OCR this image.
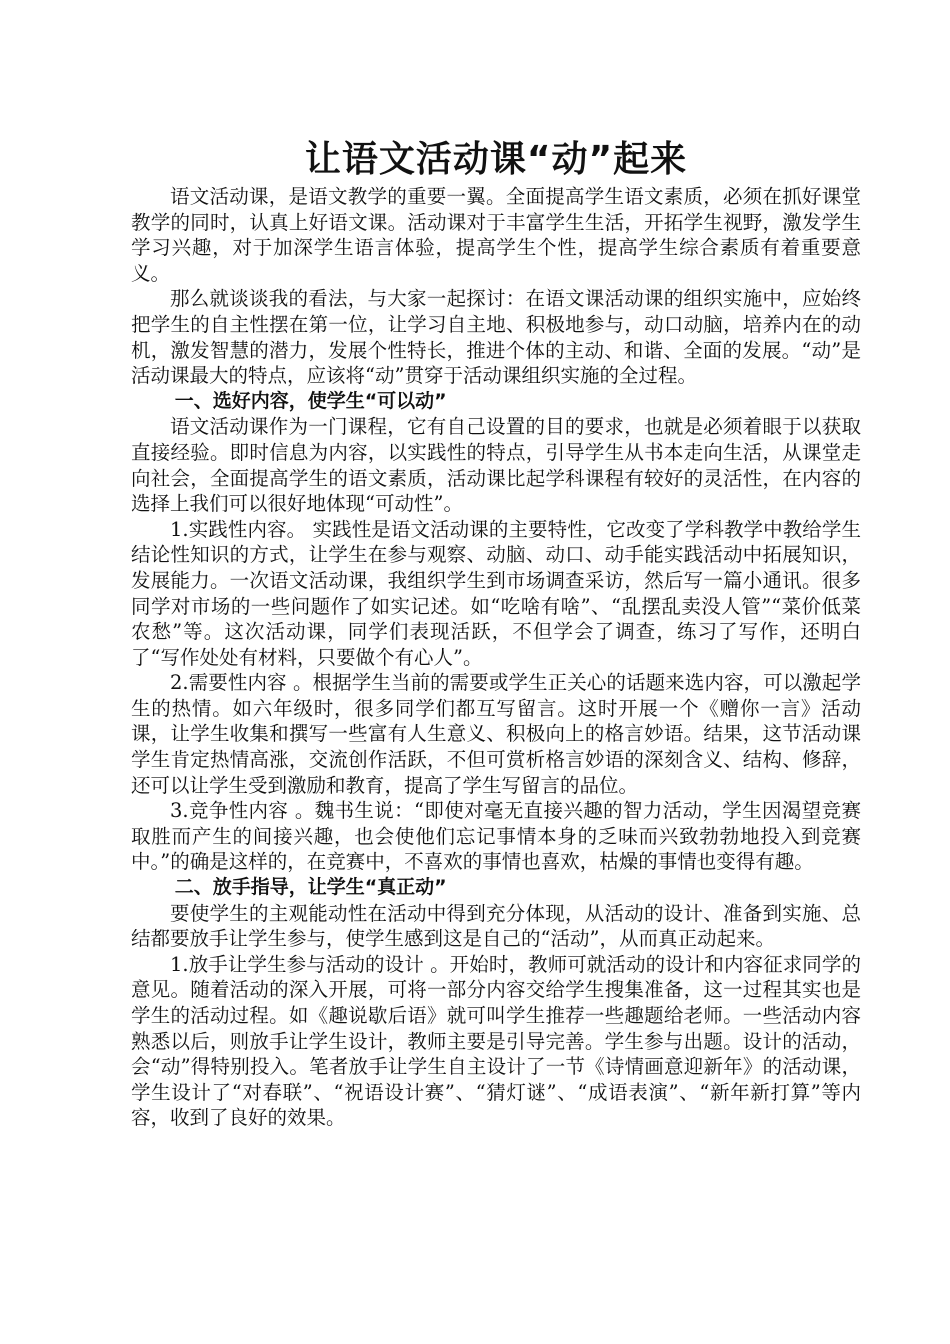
让语文活动课“动”起来

语文活动课，是语文教学的重要一翼。全面提高学生语文素质，必须在抓好课堂教学的同时，认真上好语文课。活动课对于丰富学生生活，开拓学生视野，激发学生学习兴趣，对于加深学生语言体验，提高学生个性，提高学生综合素质有着重要意义。

那么就谈谈我的看法，与大家一起探讨：在语文课活动课的组织实施中，应始终把学生的自主性摆在第一位，让学习自主地、积极地参与，动口动脑，培养内在的动机，激发智慧的潜力，发展个性特长，推进个体的主动、和谐、全面的发展。“动”是活动课最大的特点，应该将“动”贯穿于活动课组织实施的全过程。

一、选好内容，使学生“可以动”

语文活动课作为一门课程，它有自己设置的目的要求，也就是必须着眼于以获取直接经验。即时信息为内容，以实践性的特点，引导学生从书本走向生活，从课堂走向社会，全面提高学生的语文素质，活动课比起学科课程有较好的灵活性，在内容的选择上我们可以很好地体现“可动性”。

1.实践性内容。 实践性是语文活动课的主要特性，它改变了学科教学中教给学生结论性知识的方式，让学生在参与观察、动脑、动口、动手能实践活动中拓展知识，发展能力。一次语文活动课，我组织学生到市场调查采访，然后写一篇小通讯。很多同学对市场的一些问题作了如实记述。如“吃啥有啥”、“乱摆乱卖没人管”“菜价低菜农愁”等。这次活动课，同学们表现活跃，不但学会了调查，练习了写作，还明白了“写作处处有材料，只要做个有心人”。

2.需要性内容 。根据学生当前的需要或学生正关心的话题来选内容，可以激起学生的热情。如六年级时，很多同学们都互写留言。这时开展一个《赠你一言》活动课，让学生收集和撰写一些富有人生意义、积极向上的格言妙语。结果，这节活动课学生肯定热情高涨，交流创作活跃，不但可赏析格言妙语的深刻含义、结构、修辞，还可以让学生受到激励和教育，提高了学生写留言的品位。

3.竞争性内容 。魏书生说：“即使对毫无直接兴趣的智力活动，学生因渴望竞赛取胜而产生的间接兴趣，也会使他们忘记事情本身的乏味而兴致勃勃地投入到竞赛中。”的确是这样的，在竞赛中，不喜欢的事情也喜欢，枯燥的事情也变得有趣。

二、放手指导，让学生“真正动”

要使学生的主观能动性在活动中得到充分体现，从活动的设计、准备到实施、总结都要放手让学生参与，使学生感到这是自己的“活动”，从而真正动起来。

1.放手让学生参与活动的设计 。开始时，教师可就活动的设计和内容征求同学的意见。随着活动的深入开展，可将一部分内容交给学生搜集准备，这一过程其实也是学生的活动过程。如《趣说歇后语》就可叫学生推荐一些趣题给老师。一些活动内容熟悉以后，则放手让学生设计，教师主要是引导完善。学生参与出题。设计的活动，会“动”得特别投入。笔者放手让学生自主设计了一节《诗情画意迎新年》的活动课，学生设计了“对春联”、“祝语设计赛”、“猜灯谜”、“成语表演”、“新年新打算”等内容，收到了良好的效果。
